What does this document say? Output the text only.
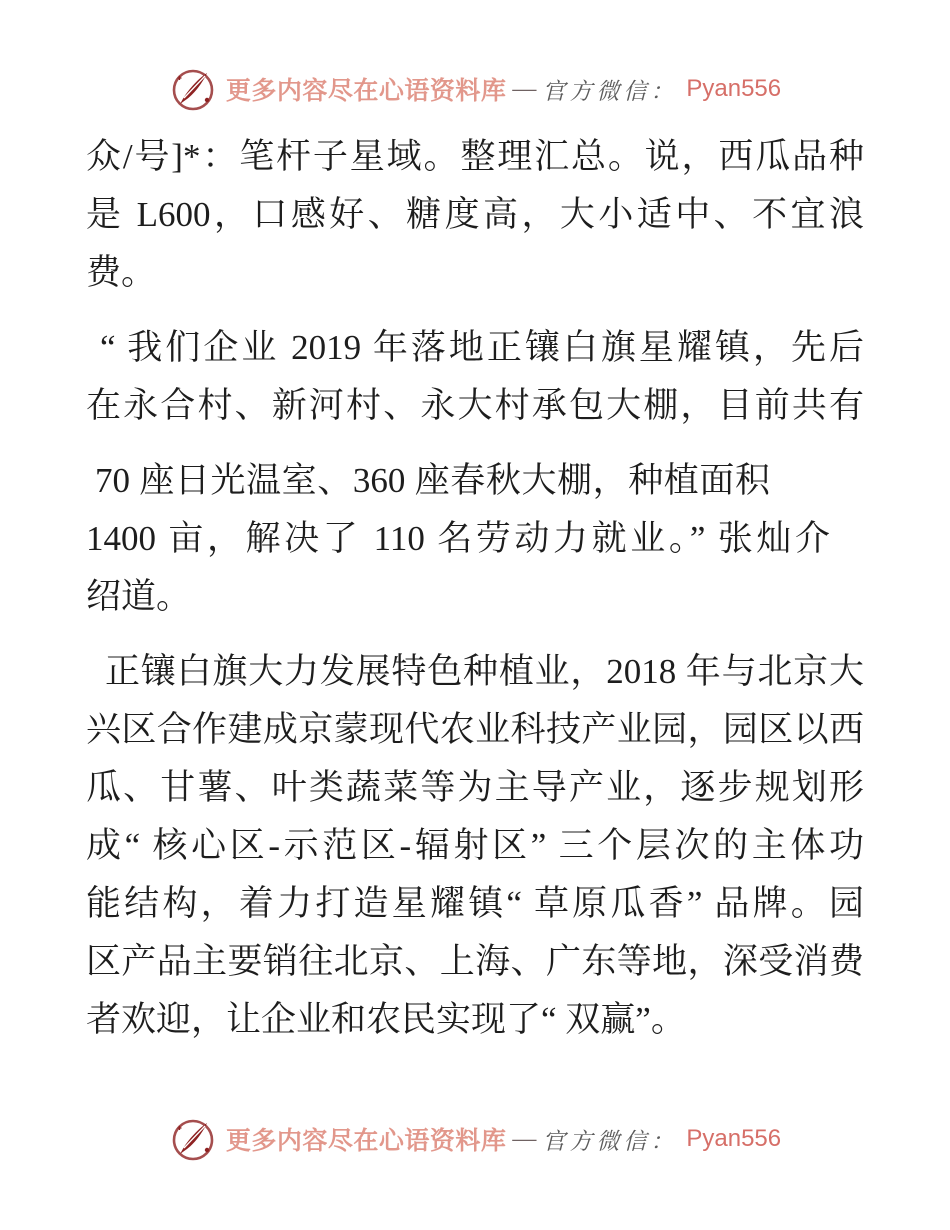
更多内容尽在心语资料库 — 官方微信： Pyan556

众/号]*：笔杆子星域。整理汇总。说，西瓜品种
是 L600，口感好、糖度高，大小适中、不宜浪
费。

“ 我们企业 2019 年落地正镶白旗星耀镇，先后
在永合村、新河村、永大村承包大棚，目前共有

70 座日光温室、360 座春秋大棚，种植面积
1400 亩，解决了 110 名劳动力就业。” 张灿介
绍道。

正镶白旗大力发展特色种植业，2018 年与北京大
兴区合作建成京蒙现代农业科技产业园，园区以西
瓜、甘薯、叶类蔬菜等为主导产业，逐步规划形
成“ 核心区-示范区-辐射区” 三个层次的主体功
能结构，着力打造星耀镇“ 草原瓜香” 品牌。园
区产品主要销往北京、上海、广东等地，深受消费
者欢迎，让企业和农民实现了“ 双赢”。

更多内容尽在心语资料库 — 官方微信： Pyan556
